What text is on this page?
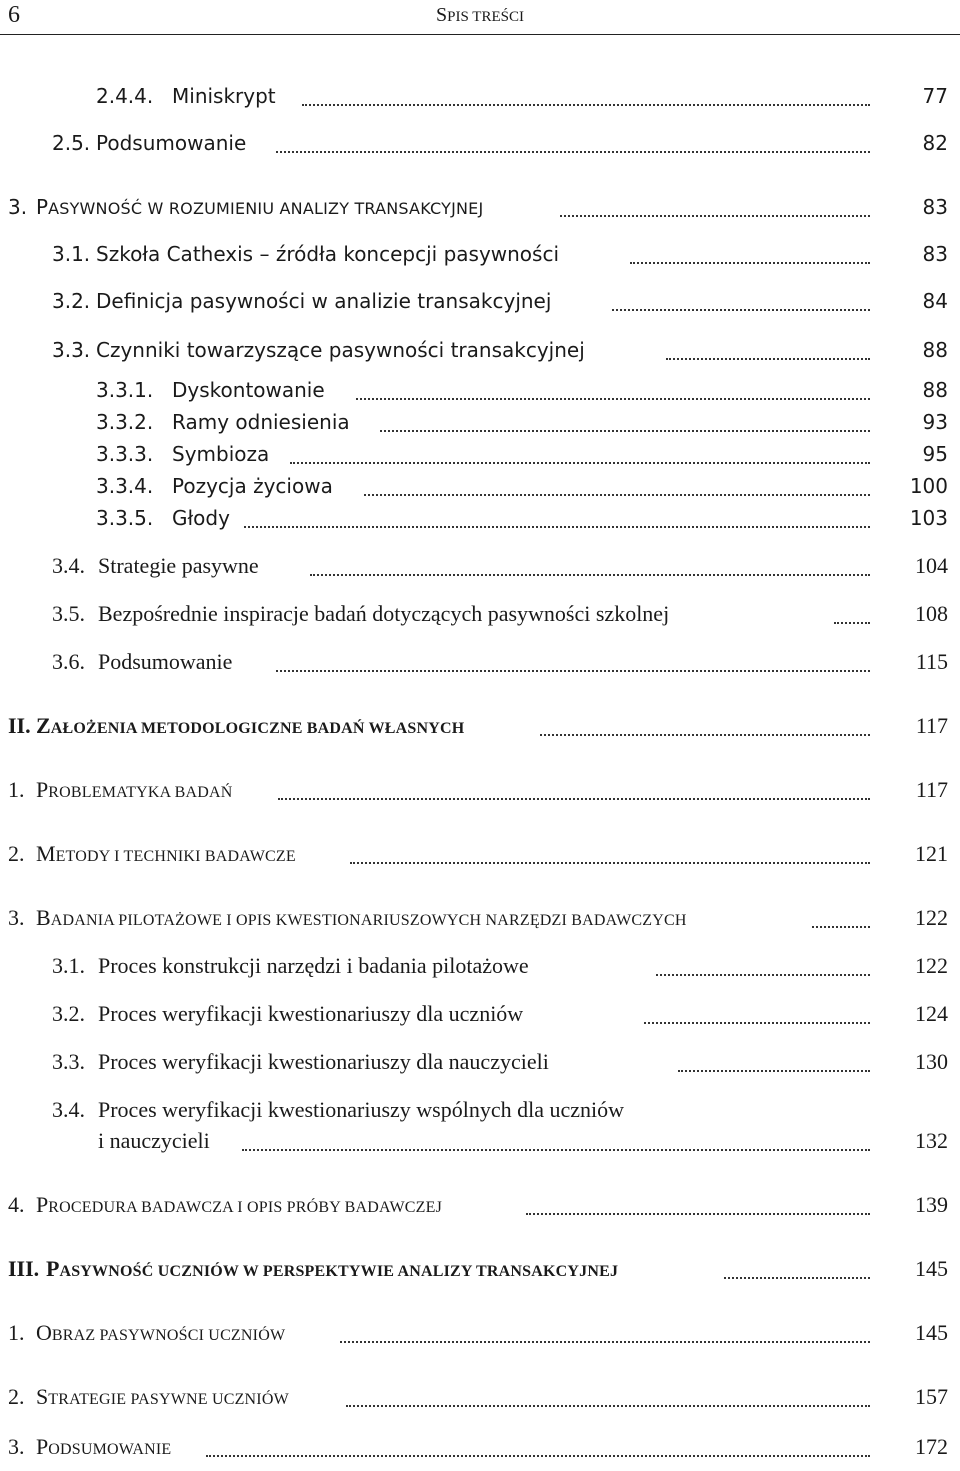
6	SPIS TREŚCI
2.4.4. Miniskrypt	77
2.5. Podsumowanie	82
3. PASYWNOŚĆ W ROZUMIENIU ANALIZY TRANSAKCYJNEJ	83
3.1. Szkoła Cathexis – źródła koncepcji pasywności	83
3.2. Definicja pasywności w analizie transakcyjnej	84
3.3. Czynniki towarzyszące pasywności transakcyjnej	88
3.3.1. Dyskontowanie	88
3.3.2. Ramy odniesienia	93
3.3.3. Symbioza	95
3.3.4. Pozycja życiowa	100
3.3.5. Głody	103
3.4. Strategie pasywne	104
3.5. Bezpośrednie inspiracje badań dotyczących pasywności szkolnej	108
3.6. Podsumowanie	115
II. ZAŁOŻENIA METODOLOGICZNE BADAŃ WŁASNYCH	117
1. PROBLEMATYKA BADAŃ	117
2. METODY I TECHNIKI BADAWCZE	121
3. BADANIA PILOTAŻOWE I OPIS KWESTIONARIUSZOWYCH NARZĘDZI BADAWCZYCH	122
3.1. Proces konstrukcji narzędzi i badania pilotażowe	122
3.2. Proces weryfikacji kwestionariuszy dla uczniów	124
3.3. Proces weryfikacji kwestionariuszy dla nauczycieli	130
3.4. Proces weryfikacji kwestionariuszy wspólnych dla uczniów
i nauczycieli	132
4. PROCEDURA BADAWCZA I OPIS PRÓBY BADAWCZEJ	139
III. PASYWNOŚĆ UCZNIÓW W PERSPEKTYWIE ANALIZY TRANSAKCYJNEJ	145
1. OBRAZ PASYWNOŚCI UCZNIÓW	145
2. STRATEGIE PASYWNE UCZNIÓW	157
3. PODSUMOWANIE	172
